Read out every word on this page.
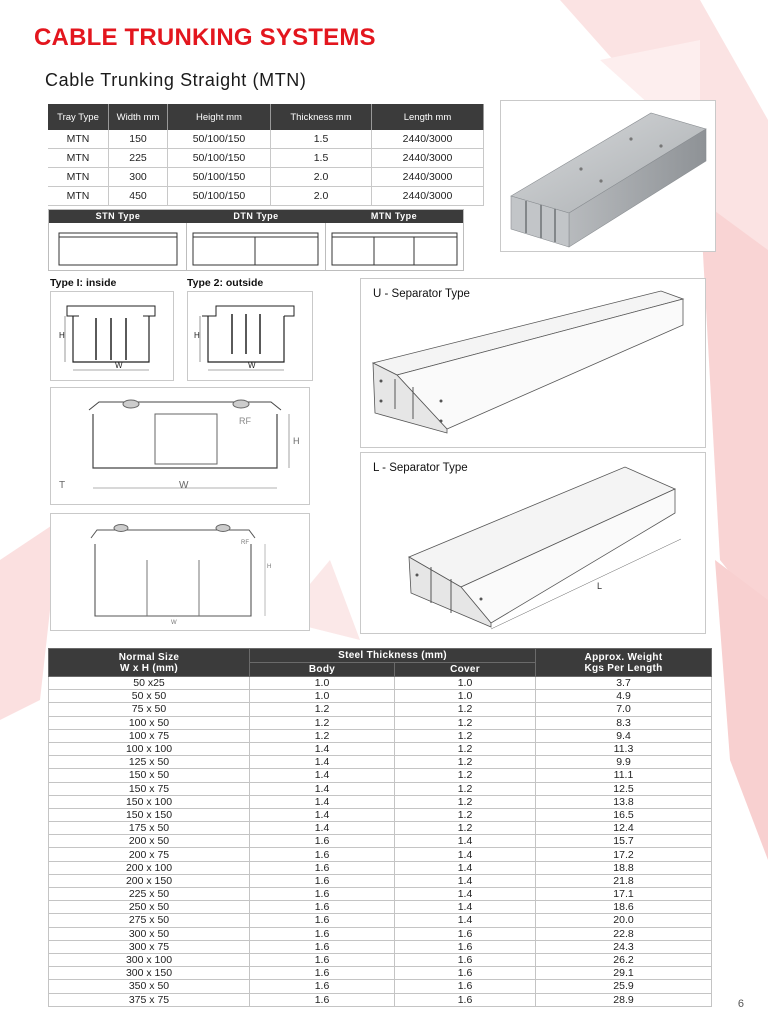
CABLE TRUNKING SYSTEMS
Cable Trunking Straight (MTN)
Tray Type	Width mm	Height mm	Thickness mm	Length mm
MTN	150	50/100/150	1.5	2440/3000
MTN	225	50/100/150	1.5	2440/3000
MTN	300	50/100/150	2.0	2440/3000
MTN	450	50/100/150	2.0	2440/3000
STN Type	DTN Type	MTN Type
Type I: inside	Type 2: outside
H
W
H
W
H
RF
W
T
RF
H
W
U - Separator Type
L - Separator Type
L
Normal Size
W x H (mm)	Steel Thickness (mm)		Approx. Weight
Kgs Per Length
	Body	Cover	
50 x25	1.0	1.0	3.7
50 x 50	1.0	1.0	4.9
75 x 50	1.2	1.2	7.0
100 x 50	1.2	1.2	8.3
100 x 75	1.2	1.2	9.4
100 x 100	1.4	1.2	11.3
125 x 50	1.4	1.2	9.9
150 x 50	1.4	1.2	11.1
150 x 75	1.4	1.2	12.5
150 x 100	1.4	1.2	13.8
150 x 150	1.4	1.2	16.5
175 x 50	1.4	1.2	12.4
200 x 50	1.6	1.4	15.7
200 x 75	1.6	1.4	17.2
200 x 100	1.6	1.4	18.8
200 x 150	1.6	1.4	21.8
225 x 50	1.6	1.4	17.1
250 x 50	1.6	1.4	18.6
275 x 50	1.6	1.4	20.0
300 x 50	1.6	1.6	22.8
300 x 75	1.6	1.6	24.3
300 x 100	1.6	1.6	26.2
300 x 150	1.6	1.6	29.1
350 x 50	1.6	1.6	25.9
375 x 75	1.6	1.6	28.9	6
